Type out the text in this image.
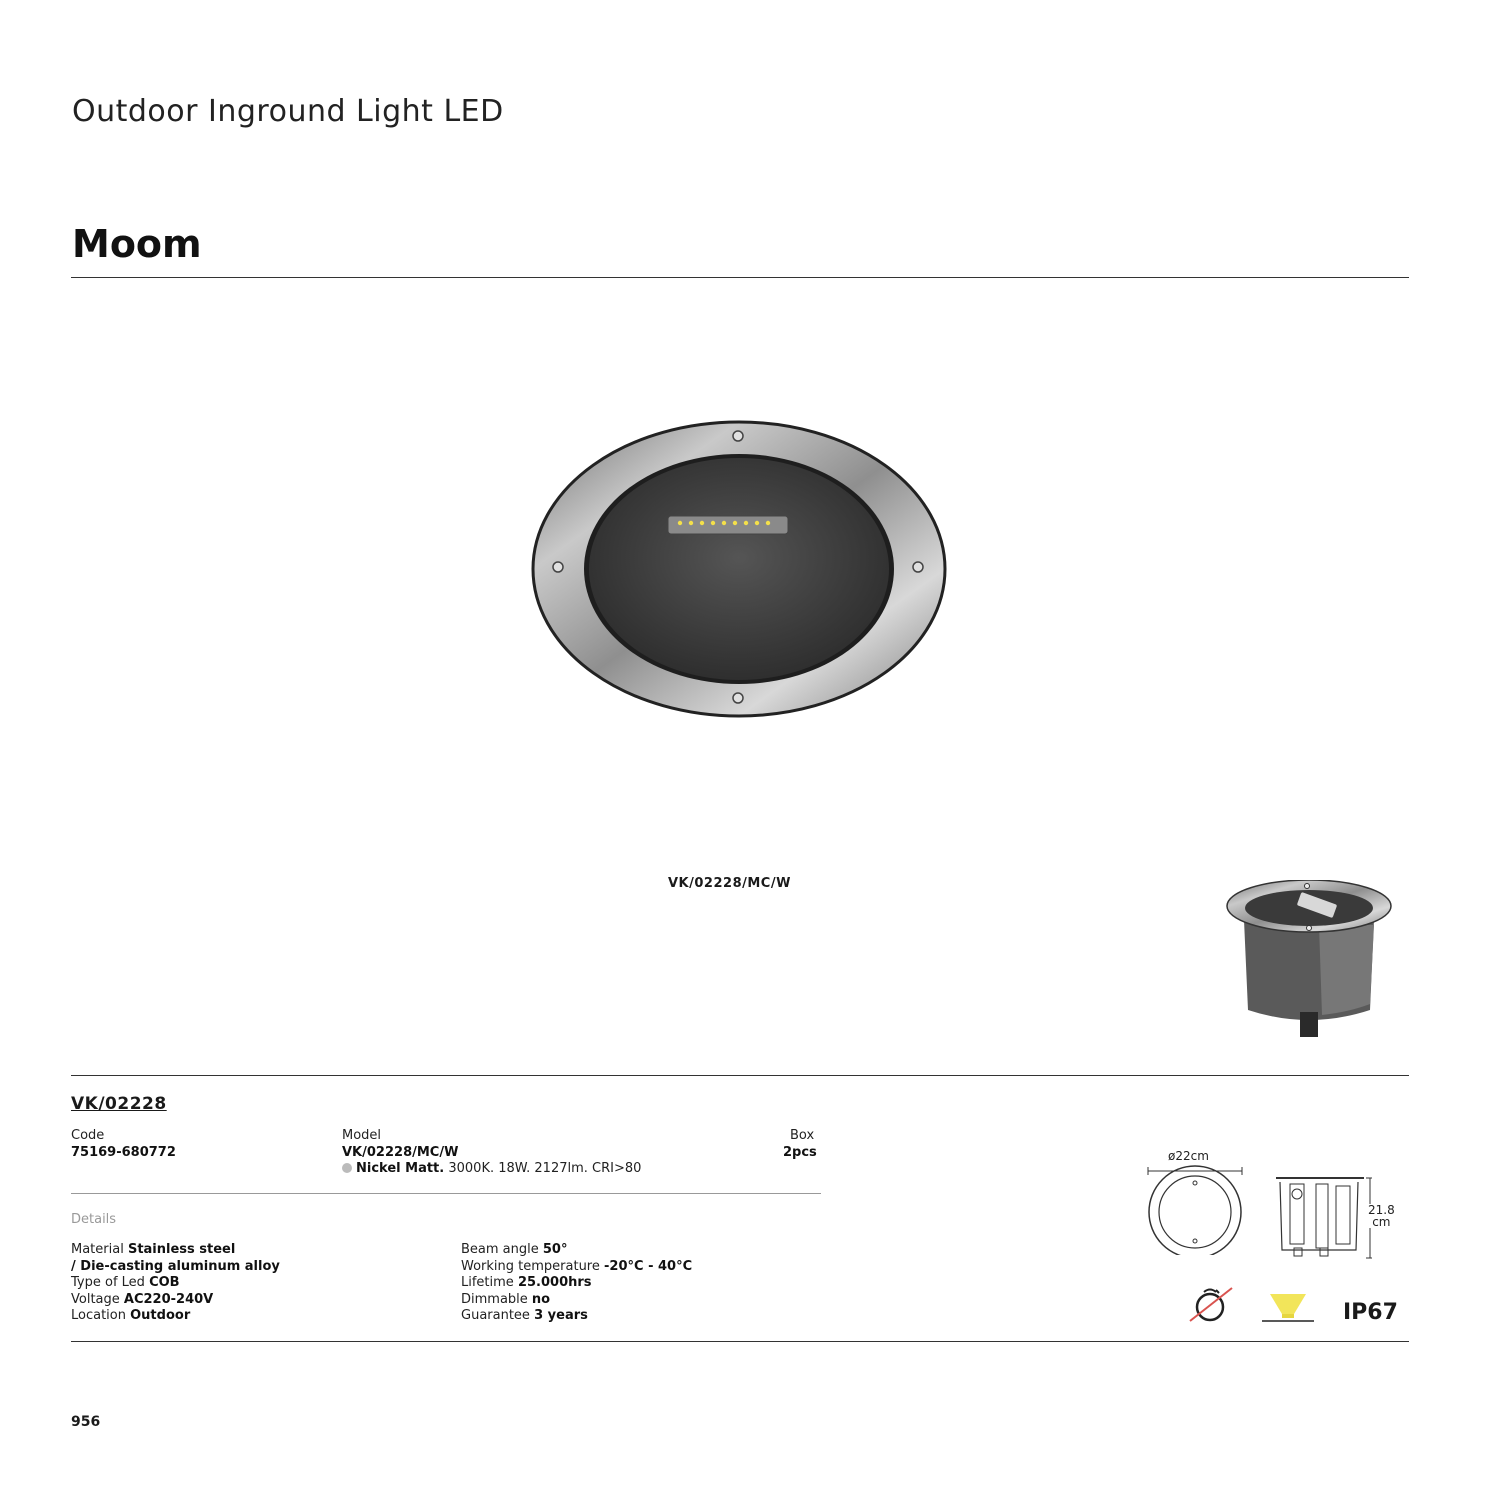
Outdoor Inground Light LED
Moom
VK/02228/MC/W
VK/02228
Code
75169-680772
Model
VK/02228/MC/W
Nickel Matt. 3000K. 18W. 2127lm. CRI>80
Box
2pcs
Details
Material Stainless steel
/ Die-casting aluminum alloy
Type of Led COB
Voltage AC220-240V
Location Outdoor
Beam angle 50°
Working temperature -20°C - 40°C
Lifetime 25.000hrs
Dimmable no
Guarantee 3 years
ø22cm
21.8
cm
IP67
956
